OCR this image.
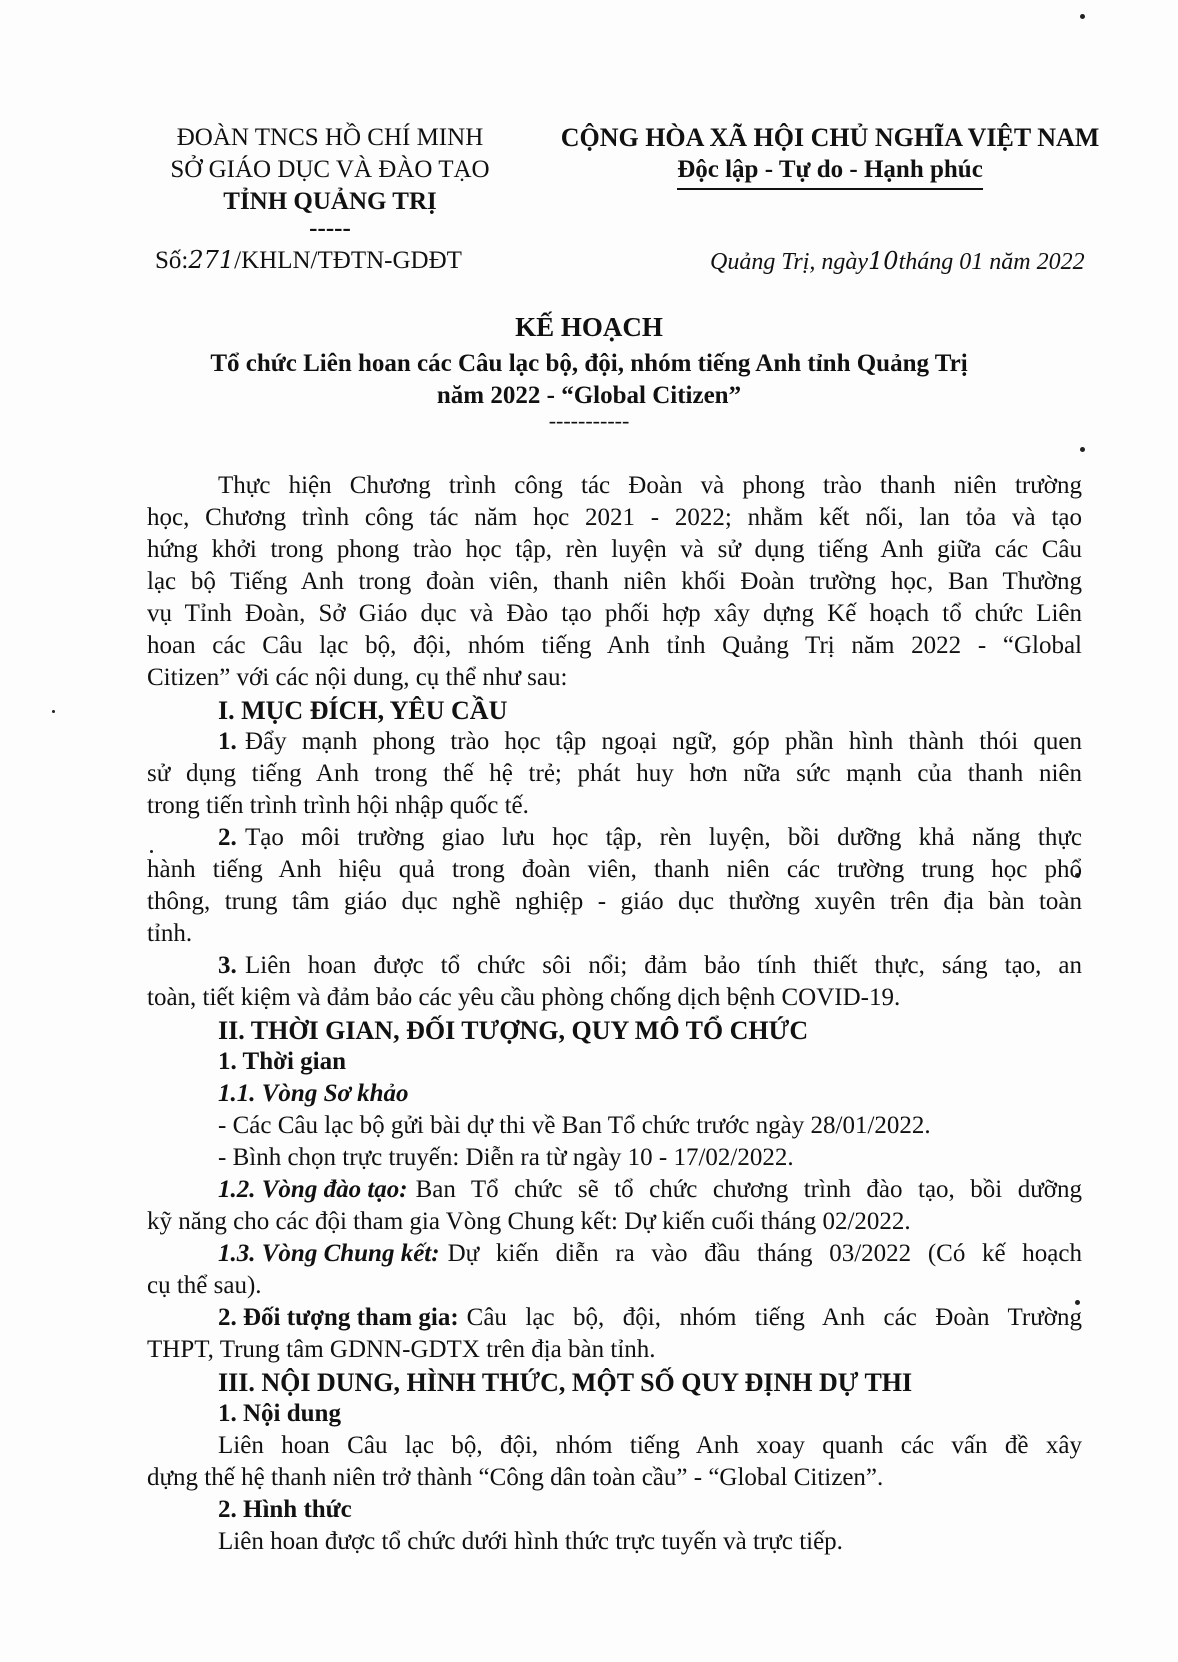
ĐOÀN TNCS HỒ CHÍ MINH
SỞ GIÁO DỤC VÀ ĐÀO TẠO
TỈNH QUẢNG TRỊ
-----
Số:271/KHLN/TĐTN-GDĐT
CỘNG HÒA XÃ HỘI CHỦ NGHĨA VIỆT NAM
Độc lập - Tự do - Hạnh phúc
Quảng Trị, ngày10tháng 01 năm 2022
KẾ HOẠCH
Tổ chức Liên hoan các Câu lạc bộ, đội, nhóm tiếng Anh tỉnh Quảng Trị
năm 2022 - “Global Citizen”
-----------
Thực hiện Chương trình công tác Đoàn và phong trào thanh niên trường
học, Chương trình công tác năm học 2021 - 2022; nhằm kết nối, lan tỏa và tạo
hứng khởi trong phong trào học tập, rèn luyện và sử dụng tiếng Anh giữa các Câu
lạc bộ Tiếng Anh trong đoàn viên, thanh niên khối Đoàn trường học, Ban Thường
vụ Tỉnh Đoàn, Sở Giáo dục và Đào tạo phối hợp xây dựng Kế hoạch tổ chức Liên
hoan các Câu lạc bộ, đội, nhóm tiếng Anh tỉnh Quảng Trị năm 2022 - “Global
Citizen” với các nội dung, cụ thể như sau:
I. MỤC ĐÍCH, YÊU CẦU
1. Đẩy mạnh phong trào học tập ngoại ngữ, góp phần hình thành thói quen
sử dụng tiếng Anh trong thế hệ trẻ; phát huy hơn nữa sức mạnh của thanh niên
trong tiến trình trình hội nhập quốc tế.
2. Tạo môi trường giao lưu học tập, rèn luyện, bồi dưỡng khả năng thực
hành tiếng Anh hiệu quả trong đoàn viên, thanh niên các trường trung học phổ
thông, trung tâm giáo dục nghề nghiệp - giáo dục thường xuyên trên địa bàn toàn
tỉnh.
3. Liên hoan được tổ chức sôi nổi; đảm bảo tính thiết thực, sáng tạo, an
toàn, tiết kiệm và đảm bảo các yêu cầu phòng chống dịch bệnh COVID-19.
II. THỜI GIAN, ĐỐI TƯỢNG, QUY MÔ TỔ CHỨC
1. Thời gian
1.1. Vòng Sơ khảo
- Các Câu lạc bộ gửi bài dự thi về Ban Tổ chức trước ngày 28/01/2022.
- Bình chọn trực truyến: Diễn ra từ ngày 10 - 17/02/2022.
1.2. Vòng đào tạo: Ban Tổ chức sẽ tổ chức chương trình đào tạo, bồi dưỡng
kỹ năng cho các đội tham gia Vòng Chung kết: Dự kiến cuối tháng 02/2022.
1.3. Vòng Chung kết: Dự kiến diễn ra vào đầu tháng 03/2022 (Có kế hoạch
cụ thể sau).
2. Đối tượng tham gia: Câu lạc bộ, đội, nhóm tiếng Anh các Đoàn Trường
THPT, Trung tâm GDNN-GDTX trên địa bàn tỉnh.
III. NỘI DUNG, HÌNH THỨC, MỘT SỐ QUY ĐỊNH DỰ THI
1. Nội dung
Liên hoan Câu lạc bộ, đội, nhóm tiếng Anh xoay quanh các vấn đề xây
dựng thế hệ thanh niên trở thành “Công dân toàn cầu” - “Global Citizen”.
2. Hình thức
Liên hoan được tổ chức dưới hình thức trực tuyến và trực tiếp.
